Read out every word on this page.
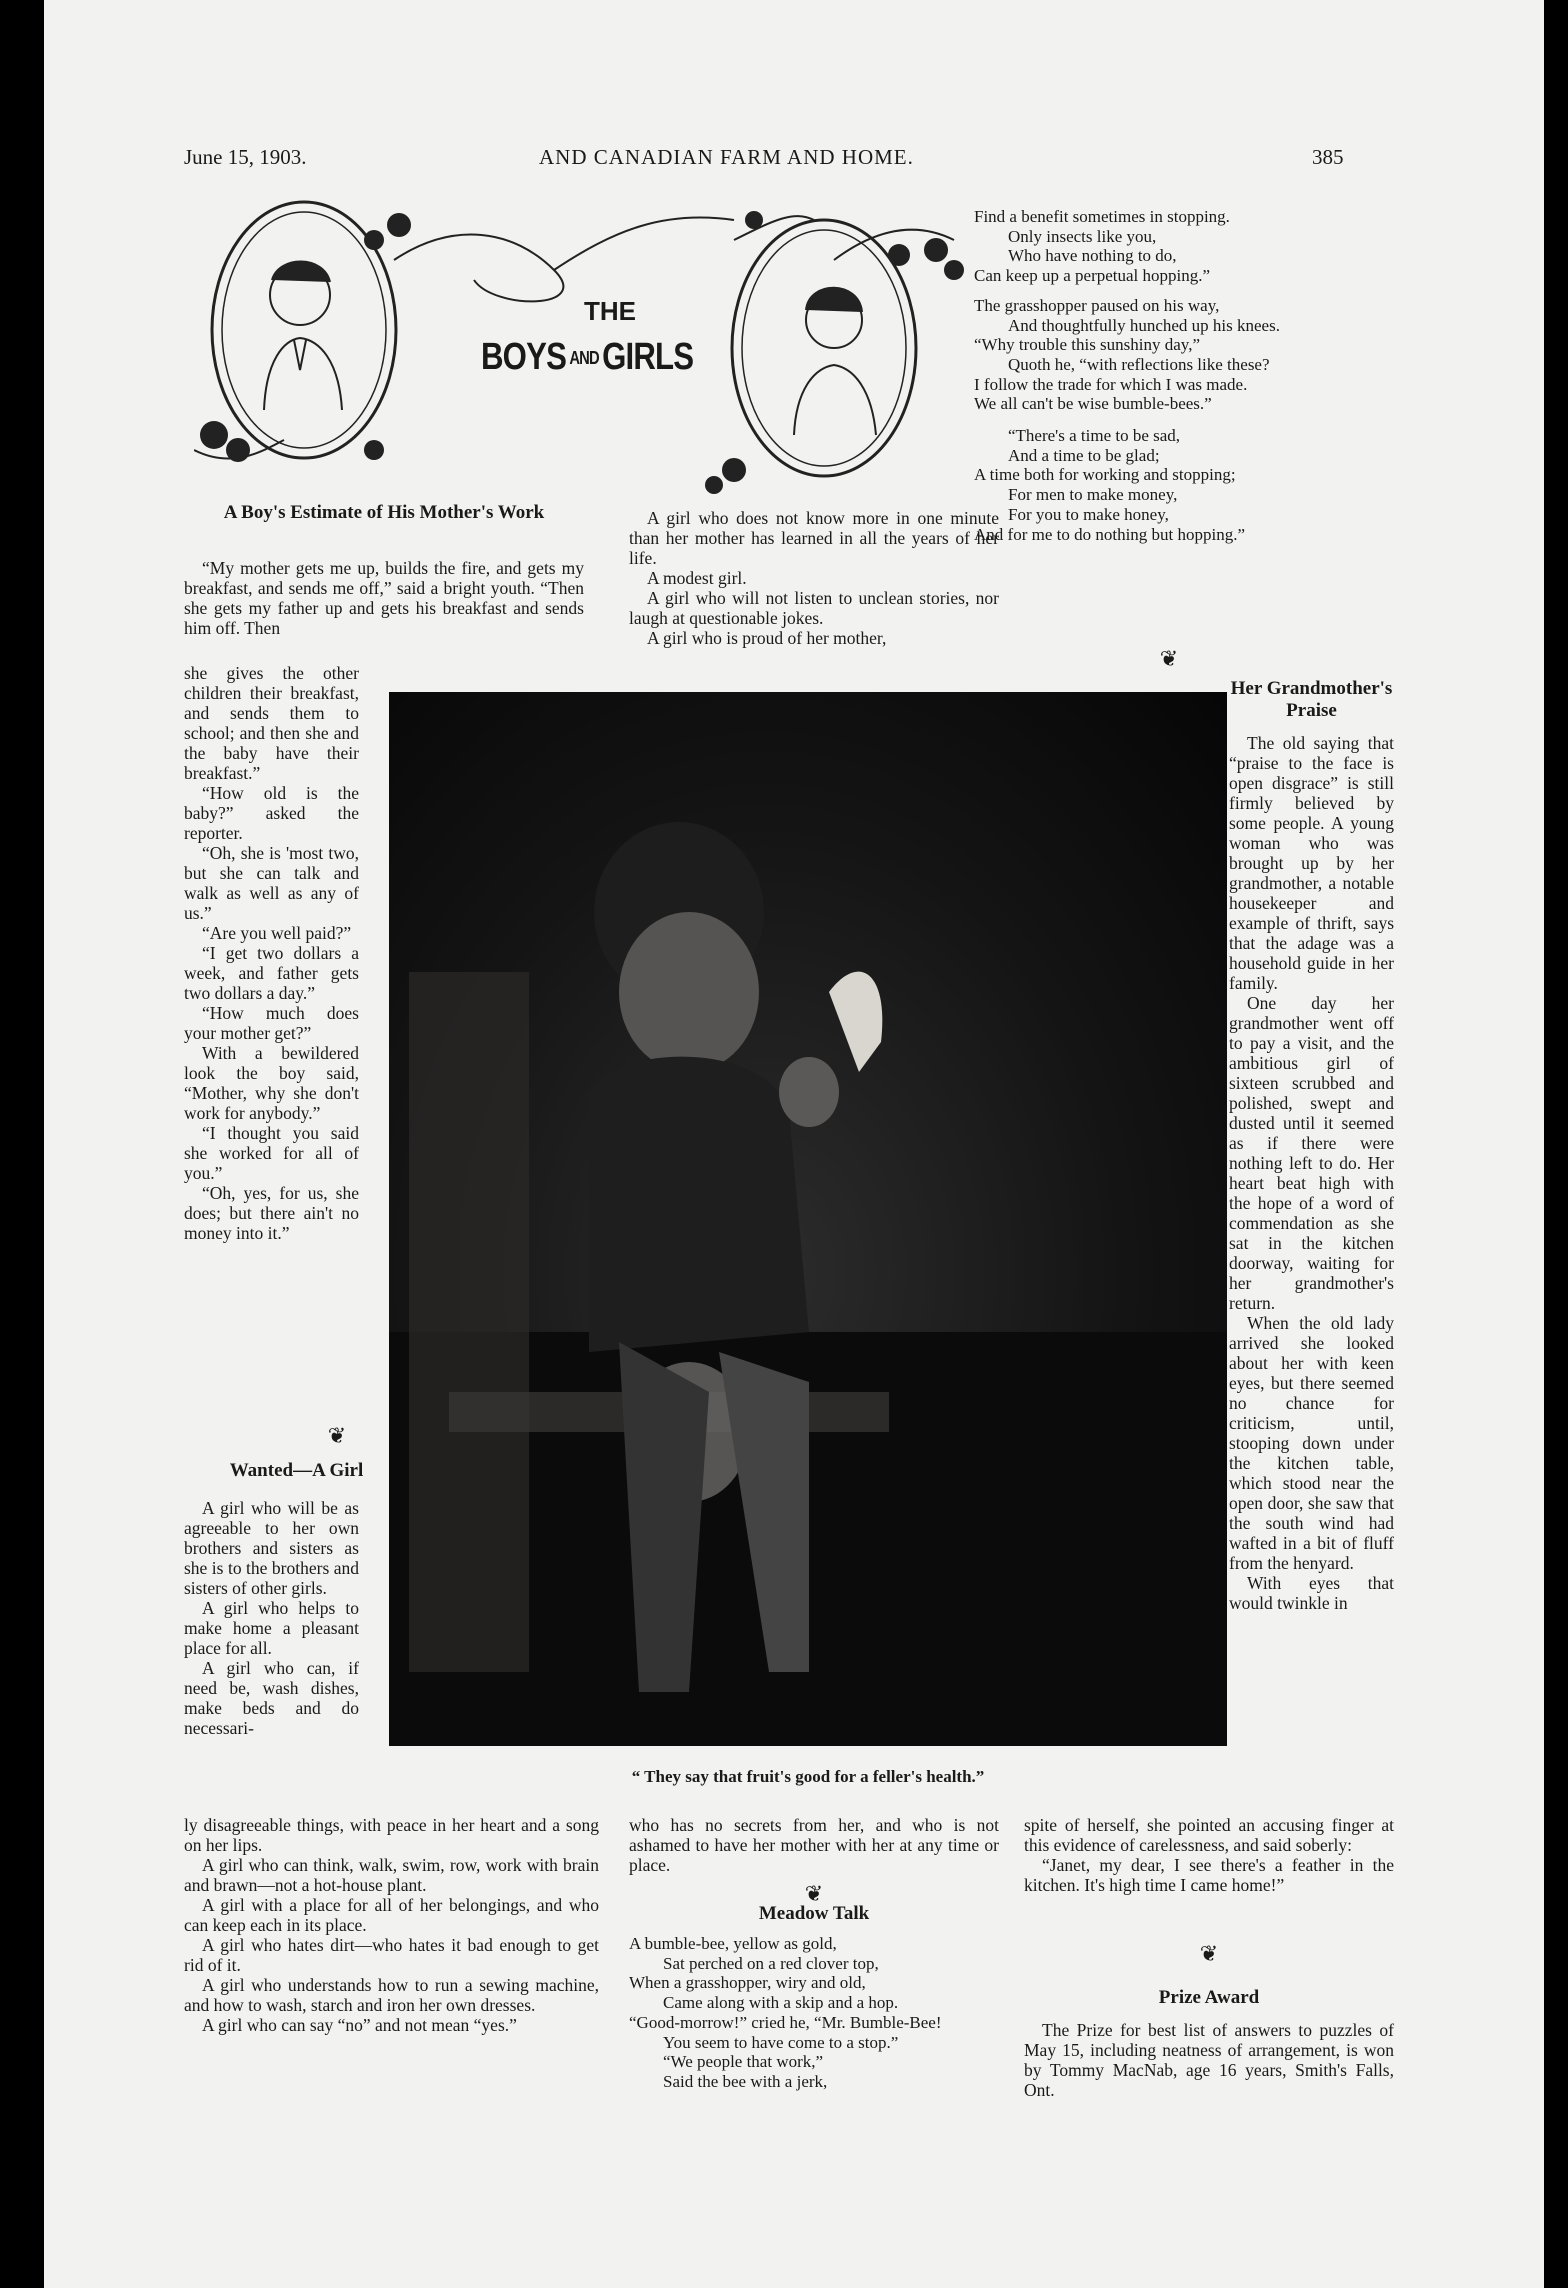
June 15, 1903.	AND CANADIAN FARM AND HOME.	385
THE
BOYS ANDGIRLS
A Boy's Estimate of His Mother's Work

“My mother gets me up, builds the fire, and gets my breakfast, and sends me off,” said a bright youth. “Then she gets my father up and gets his breakfast and sends him off. Then

she gives the other children their breakfast, and sends them to school; and then she and the baby have their breakfast.”

“How old is the baby?” asked the reporter.

“Oh, she is 'most two, but she can talk and walk as well as any of us.”

“Are you well paid?”

“I get two dollars a week, and father gets two dollars a day.”

“How much does your mother get?”

With a bewildered look the boy said, “Mother, why she don't work for anybody.”

“I thought you said she worked for all of you.”

“Oh, yes, for us, she does; but there ain't no money into it.”

❦
Wanted—A Girl

A girl who will be as agreeable to her own brothers and sisters as she is to the brothers and sisters of other girls.

A girl who helps to make home a pleasant place for all.

A girl who can, if need be, wash dishes, make beds and do necessari-

ly disagreeable things, with peace in her heart and a song on her lips.

A girl who can think, walk, swim, row, work with brain and brawn—not a hot-house plant.

A girl with a place for all of her belongings, and who can keep each in its place.

A girl who hates dirt—who hates it bad enough to get rid of it.

A girl who understands how to run a sewing machine, and how to wash, starch and iron her own dresses.

A girl who can say “no” and not mean “yes.”

A girl who does not know more in one minute than her mother has learned in all the years of her life.

A modest girl.

A girl who will not listen to unclean stories, nor laugh at questionable jokes.

A girl who is proud of her mother,

“ They say that fruit's good for a feller's health.”

who has no secrets from her, and who is not ashamed to have her mother with her at any time or place.

❦
Meadow Talk
A bumble-bee, yellow as gold,
Sat perched on a red clover top,
When a grasshopper, wiry and old,
Came along with a skip and a hop.
“Good-morrow!” cried he, “Mr. Bumble-Bee!
You seem to have come to a stop.”
“We people that work,”
Said the bee with a jerk,
Find a benefit sometimes in stopping.
Only insects like you,
Who have nothing to do,
Can keep up a perpetual hopping.”
The grasshopper paused on his way,
And thoughtfully hunched up his knees.
“Why trouble this sunshiny day,”
Quoth he, “with reflections like these?
I follow the trade for which I was made.
We all can't be wise bumble-bees.”
“There's a time to be sad,
And a time to be glad;
A time both for working and stopping;
For men to make money,
For you to make honey,
And for me to do nothing but hopping.”
❦
Her Grandmother's Praise

The old saying that “praise to the face is open disgrace” is still firmly believed by some people. A young woman who was brought up by her grandmother, a notable housekeeper and example of thrift, says that the adage was a household guide in her family.

One day her grandmother went off to pay a visit, and the ambitious girl of sixteen scrubbed and polished, swept and dusted until it seemed as if there were nothing left to do. Her heart beat high with the hope of a word of commendation as she sat in the kitchen doorway, waiting for her grandmother's return.

When the old lady arrived she looked about her with keen eyes, but there seemed no chance for criticism, until, stooping down under the kitchen table, which stood near the open door, she saw that the south wind had wafted in a bit of fluff from the henyard.

With eyes that would twinkle in

spite of herself, she pointed an accusing finger at this evidence of carelessness, and said soberly:

“Janet, my dear, I see there's a feather in the kitchen. It's high time I came home!”

❦
Prize Award

The Prize for best list of answers to puzzles of May 15, including neatness of arrangement, is won by Tommy MacNab, age 16 years, Smith's Falls, Ont.
